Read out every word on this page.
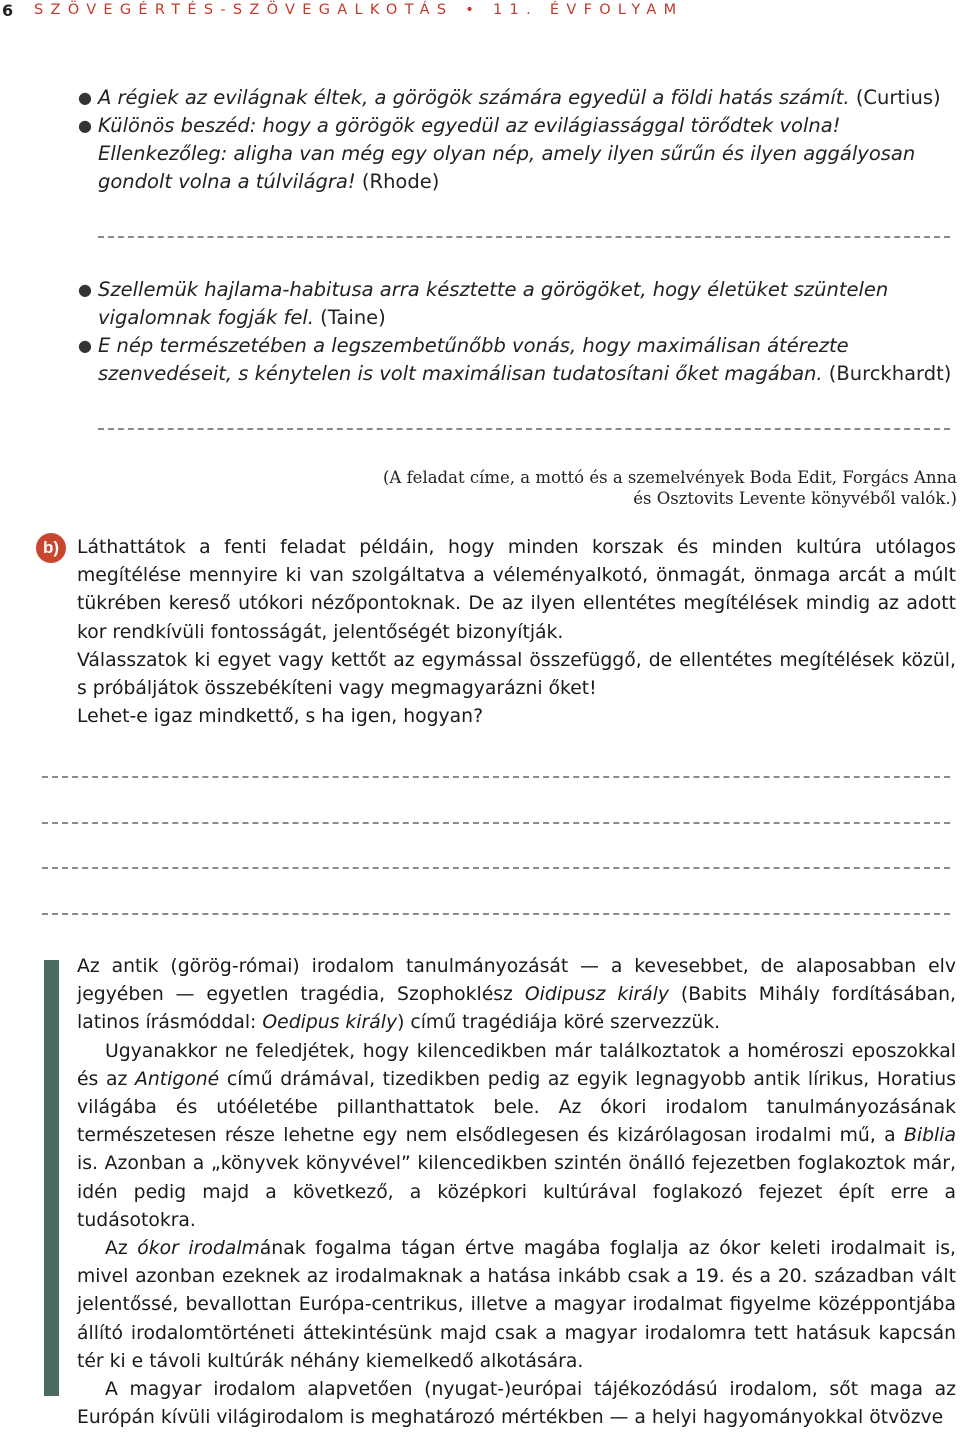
6 SZÖVEGÉRTÉS-SZÖVEGALKOTÁS • 11. ÉVFOLYAM
● A régiek az evilágnak éltek, a görögök számára egyedül a földi hatás számít. (Curtius)
● Különös beszéd: hogy a görögök egyedül az evilágiassággal törődtek volna! Ellenkezőleg: aligha van még egy olyan nép, amely ilyen sűrűn és ilyen aggályosan gondolt volna a túlvilágra! (Rhode)
● Szellemük hajlama-habitusa arra késztette a görögöket, hogy életüket szüntelen vigalomnak fogják fel. (Taine)
● E nép természetében a legszembetűnőbb vonás, hogy maximálisan átérezte szenvedéseit, s kénytelen is volt maximálisan tudatosítani őket magában. (Burckhardt)
(A feladat címe, a mottó és a szemelvények Boda Edit, Forgács Anna
és Osztovits Levente könyvéből valók.)
b) Láthattátok a fenti feladat példáin, hogy minden korszak és minden kultúra utólagos megítélése mennyire ki van szolgáltatva a véleményalkotó, önmagát, önmaga arcát a múlt tükrében kereső utókori nézőpontoknak. De az ilyen ellentétes megítélések mindig az adott kor rendkívüli fontosságát, jelentőségét bizonyítják.

Válasszatok ki egyet vagy kettőt az egymással összefüggő, de ellentétes megítélések közül, s próbáljátok összebékíteni vagy megmagyarázni őket!

Lehet-e igaz mindkettő, s ha igen, hogyan?

Az antik (görög-római) irodalom tanulmányozását — a kevesebbet, de alaposabban elv jegyében — egyetlen tragédia, Szophoklész Oidipusz király (Babits Mihály fordításában, latinos írásmóddal: Oedipus király) című tragédiája köré szervezzük.

Ugyanakkor ne feledjétek, hogy kilencedikben már találkoztatok a homéroszi eposzokkal és az Antigoné című drámával, tizedikben pedig az egyik legnagyobb antik lírikus, Horatius világába és utóéletébe pillanthattatok bele. Az ókori irodalom tanulmányozásának természetesen része lehetne egy nem elsődlegesen és kizárólagosan irodalmi mű, a Biblia is. Azonban a „könyvek könyvével” kilencedikben szintén önálló fejezetben foglakoztok már, idén pedig majd a következő, a középkori kultúrával foglakozó fejezet épít erre a tudásotokra.

Az ókor irodalmának fogalma tágan értve magába foglalja az ókor keleti irodalmait is, mivel azonban ezeknek az irodalmaknak a hatása inkább csak a 19. és a 20. században vált jelentőssé, bevallottan Európa-centrikus, illetve a magyar irodalmat figyelme középpontjába állító irodalomtörténeti áttekintésünk majd csak a magyar irodalomra tett hatásuk kapcsán tér ki e távoli kultúrák néhány kiemelkedő alkotására.

A magyar irodalom alapvetően (nyugat-)európai tájékozódású irodalom, sőt maga az Európán kívüli világirodalom is meghatározó mértékben — a helyi hagyományokkal ötvözve
